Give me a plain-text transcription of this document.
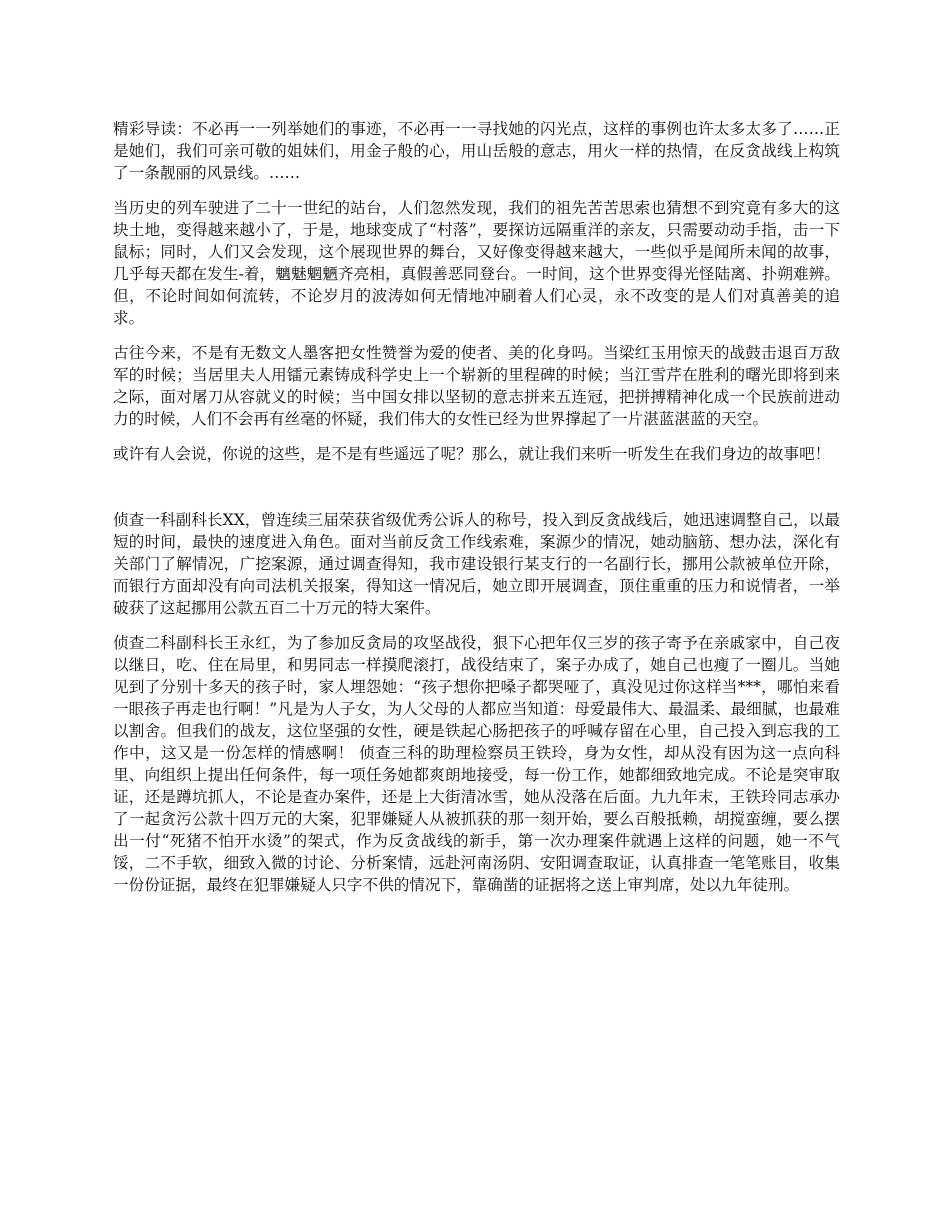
精彩导读：不必再一一列举她们的事迹，不必再一一寻找她的闪光点，这样的事例也许太多太多了……正是她们，我们可亲可敬的姐妹们，用金子般的心，用山岳般的意志，用火一样的热情，在反贪战线上构筑了一条靓丽的风景线。……

当历史的列车驶进了二十一世纪的站台，人们忽然发现，我们的祖先苦苦思索也猜想不到究竟有多大的这块土地，变得越来越小了，于是，地球变成了“村落”，要探访远隔重洋的亲友，只需要动动手指，击一下鼠标；同时，人们又会发现，这个展现世界的舞台，又好像变得越来越大，一些似乎是闻所未闻的故事，几乎每天都在发生-着，魑魅魍魉齐亮相，真假善恶同登台。一时间，这个世界变得光怪陆离、扑朔难辨。但，不论时间如何流转，不论岁月的波涛如何无情地冲刷着人们心灵，永不改变的是人们对真善美的追求。

古往今来，不是有无数文人墨客把女性赞誉为爱的使者、美的化身吗。当梁红玉用惊天的战鼓击退百万敌军的时候；当居里夫人用镭元素铸成科学史上一个崭新的里程碑的时候；当江雪芹在胜利的曙光即将到来之际，面对屠刀从容就义的时候；当中国女排以坚韧的意志拼来五连冠，把拼搏精神化成一个民族前进动力的时候，人们不会再有丝毫的怀疑，我们伟大的女性已经为世界撑起了一片湛蓝湛蓝的天空。

或许有人会说，你说的这些，是不是有些遥远了呢？那么，就让我们来听一听发生在我们身边的故事吧！

侦查一科副科长XX，曾连续三届荣获省级优秀公诉人的称号，投入到反贪战线后，她迅速调整自己，以最短的时间，最快的速度进入角色。面对当前反贪工作线索难，案源少的情况，她动脑筋、想办法，深化有关部门了解情况，广挖案源，通过调查得知，我市建设银行某支行的一名副行长，挪用公款被单位开除，而银行方面却没有向司法机关报案，得知这一情况后，她立即开展调查，顶住重重的压力和说情者，一举破获了这起挪用公款五百二十万元的特大案件。

侦查二科副科长王永红，为了参加反贪局的攻坚战役，狠下心把年仅三岁的孩子寄予在亲戚家中，自己夜以继日，吃、住在局里，和男同志一样摸爬滚打，战役结束了，案子办成了，她自己也瘦了一圈儿。当她见到了分别十多天的孩子时，家人埋怨她：“孩子想你把嗓子都哭哑了，真没见过你这样当***，哪怕来看一眼孩子再走也行啊！”凡是为人子女，为人父母的人都应当知道：母爱最伟大、最温柔、最细腻，也最难以割舍。但我们的战友，这位坚强的女性，硬是铁起心肠把孩子的呼喊存留在心里，自己投入到忘我的工作中，这又是一份怎样的情感啊！ 侦查三科的助理检察员王铁玲，身为女性，却从没有因为这一点向科里、向组织上提出任何条件，每一项任务她都爽朗地接受，每一份工作，她都细致地完成。不论是突审取证，还是蹲坑抓人，不论是查办案件，还是上大街清冰雪，她从没落在后面。九九年末，王铁玲同志承办了一起贪污公款十四万元的大案，犯罪嫌疑人从被抓获的那一刻开始，要么百般抵赖，胡搅蛮缠，要么摆出一付“死猪不怕开水烫”的架式，作为反贪战线的新手，第一次办理案件就遇上这样的问题，她一不气馁，二不手软，细致入微的讨论、分析案情，远赴河南汤阴、安阳调查取证，认真排查一笔笔账目，收集一份份证据，最终在犯罪嫌疑人只字不供的情况下，靠确凿的证据将之送上审判席，处以九年徒刑。
